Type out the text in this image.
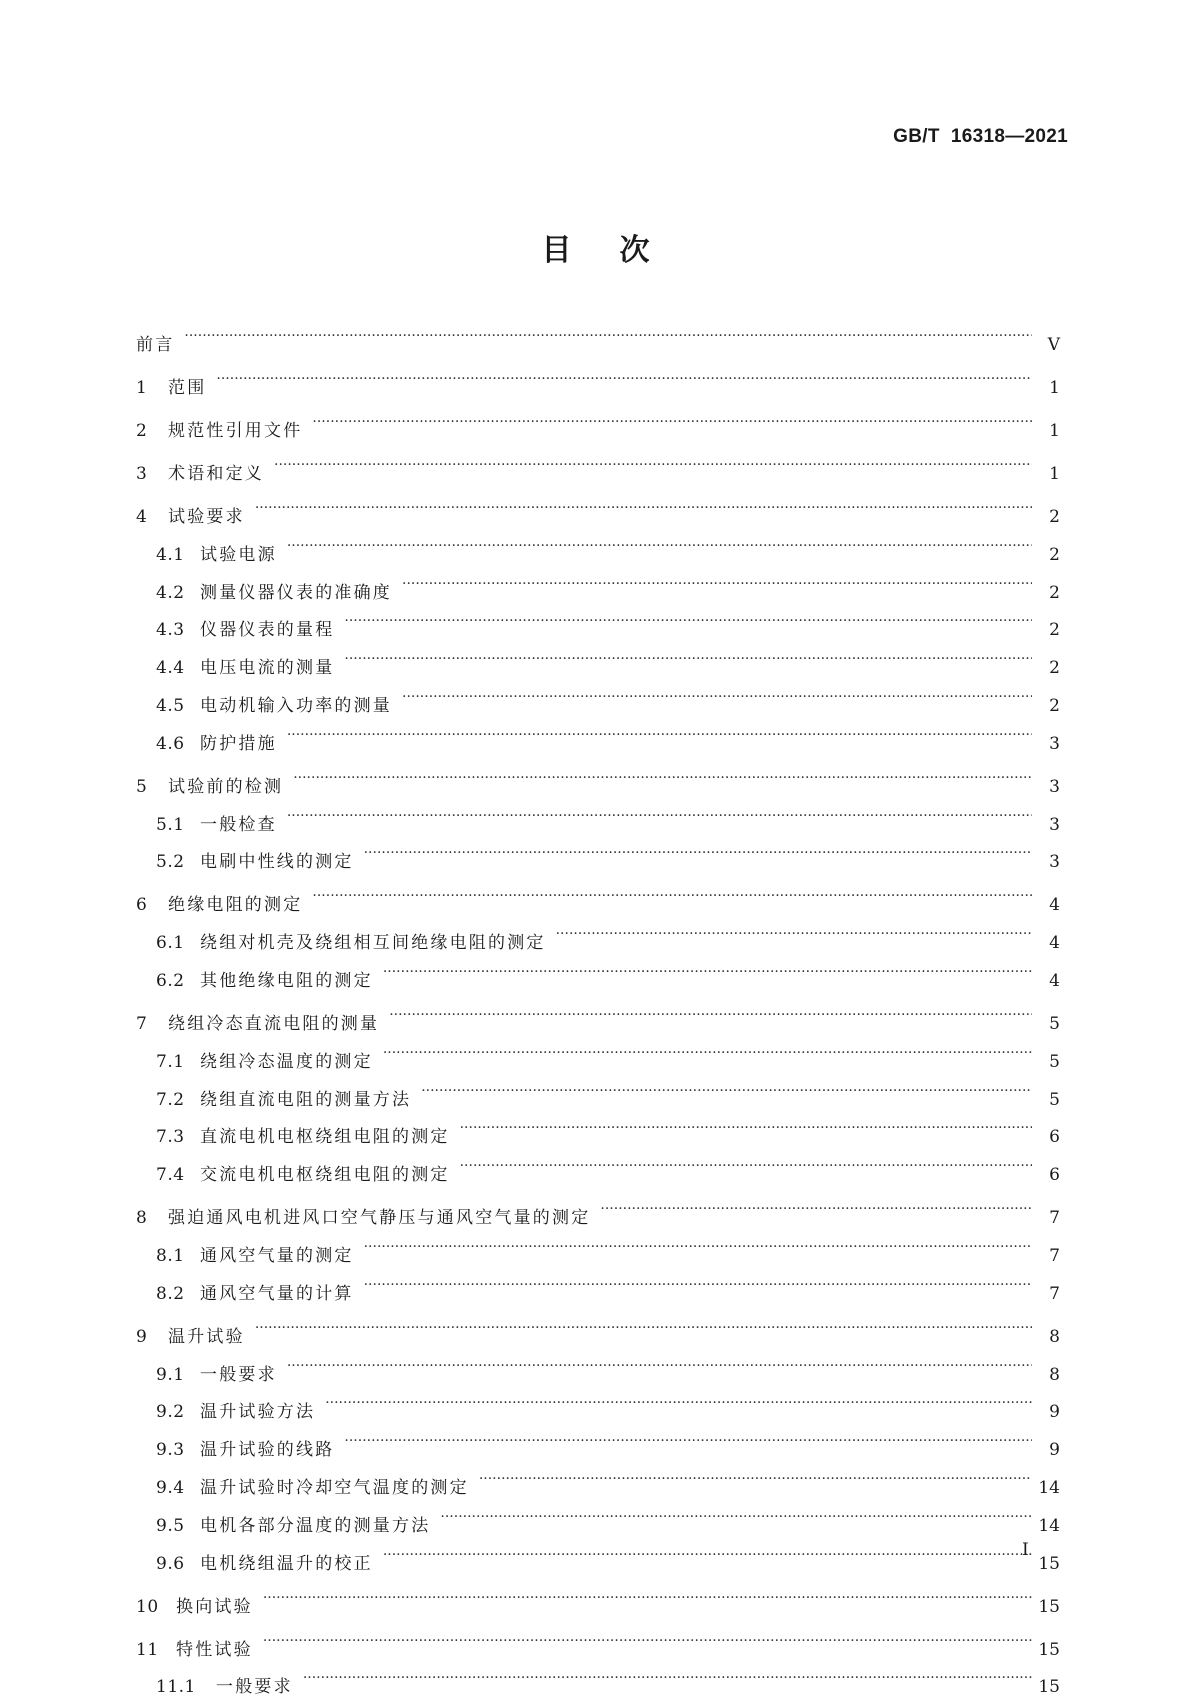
GB/T  16318—2021
目次
前言 ·····	V
1	范围 ·····	1
2	规范性引用文件 ·····	1
3	术语和定义 ·····	1
4	试验要求 ·····	2
4.1 试验电源 ·····	2
4.2 测量仪器仪表的准确度 ·····	2
4.3 仪器仪表的量程 ·····	2
4.4 电压电流的测量 ·····	2
4.5 电动机输入功率的测量 ·····	2
4.6 防护措施 ·····	3
5	试验前的检测 ·····	3
5.1 一般检查 ·····	3
5.2 电刷中性线的测定 ·····	3
6	绝缘电阻的测定 ·····	4
6.1 绕组对机壳及绕组相互间绝缘电阻的测定 ·····	4
6.2 其他绝缘电阻的测定 ·····	4
7	绕组冷态直流电阻的测量 ·····	5
7.1 绕组冷态温度的测定 ·····	5
7.2 绕组直流电阻的测量方法 ·····	5
7.3 直流电机电枢绕组电阻的测定 ·····	6
7.4 交流电机电枢绕组电阻的测定 ·····	6
8	强迫通风电机进风口空气静压与通风空气量的测定 ·····	7
8.1 通风空气量的测定 ·····	7
8.2 通风空气量的计算 ·····	7
9	温升试验 ·····	8
9.1 一般要求 ·····	8
9.2 温升试验方法 ·····	9
9.3 温升试验的线路 ·····	9
9.4 温升试验时冷却空气温度的测定 ·····	14
9.5 电机各部分温度的测量方法 ·····	14
9.6 电机绕组温升的校正 ·····	15
10	换向试验 ·····	15
11	特性试验 ·····	15
11.1	一般要求 ·····	15
I
